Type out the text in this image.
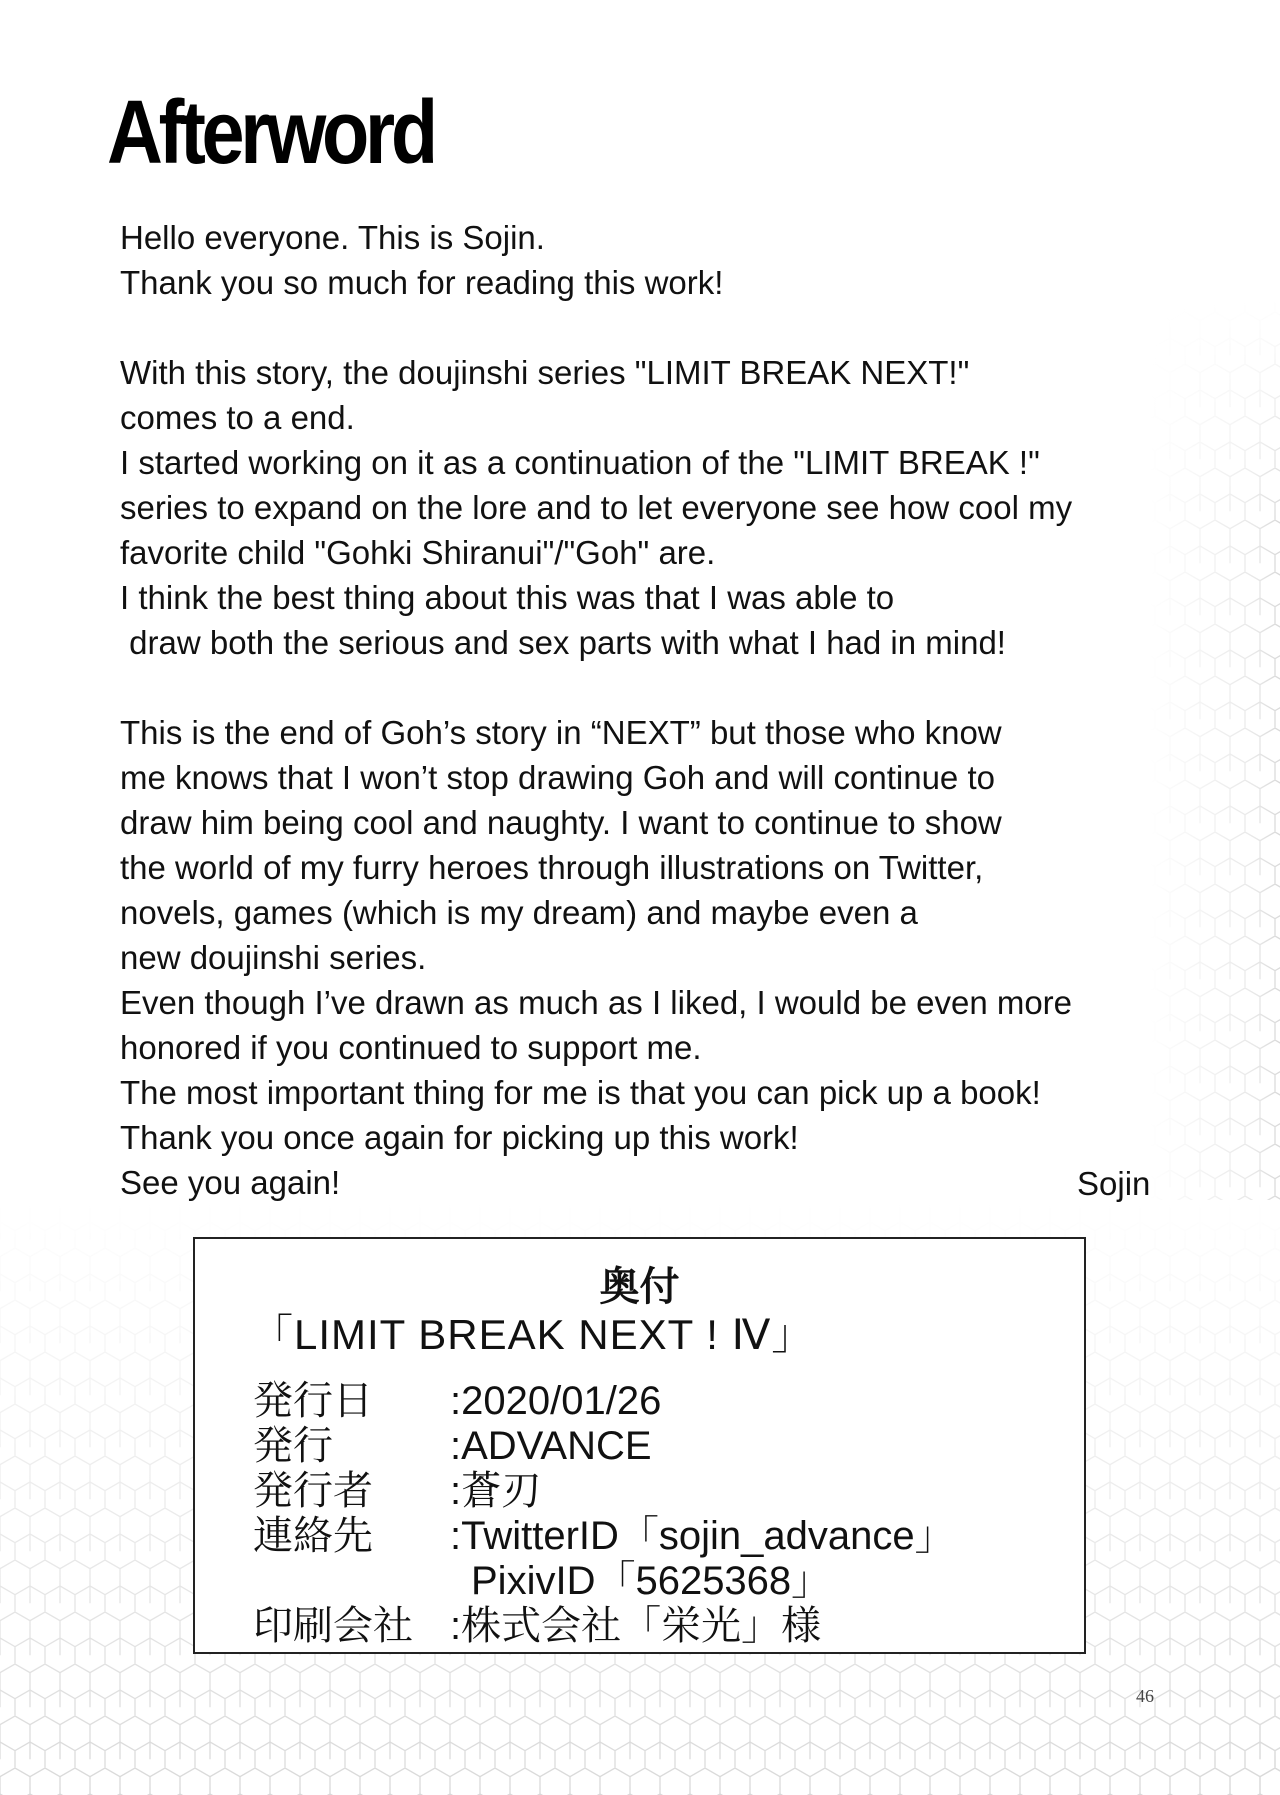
Afterword
Hello everyone. This is Sojin.
Thank you so much for reading this work!
With this story, the doujinshi series "LIMIT BREAK NEXT!"
comes to a end.
I started working on it as a continuation of the "LIMIT BREAK !"
series to expand on the lore and to let everyone see how cool my
favorite child "Gohki Shiranui"/"Goh" are.
I think the best thing about this was that I was able to
draw both the serious and sex parts with what I had in mind!
This is the end of Goh’s story in “NEXT” but those who know
me knows that I won’t stop drawing Goh and will continue to
draw him being cool and naughty. I want to continue to show
the world of my furry heroes through illustrations on Twitter,
novels, games (which is my dream) and maybe even a
new doujinshi series.
Even though I’ve drawn as much as I liked, I would be even more
honored if you continued to support me.
The most important thing for me is that you can pick up a book!
Thank you once again for picking up this work!
See you again!	Sojin
奥付
「LIMIT BREAK NEXT ! Ⅳ」
発行日	:2020/01/26
発行	:ADVANCE
発行者	:蒼刃
連絡先	:TwitterID「sojin_advance」
PixivID「5625368」
印刷会社 :株式会社「栄光」様
46
